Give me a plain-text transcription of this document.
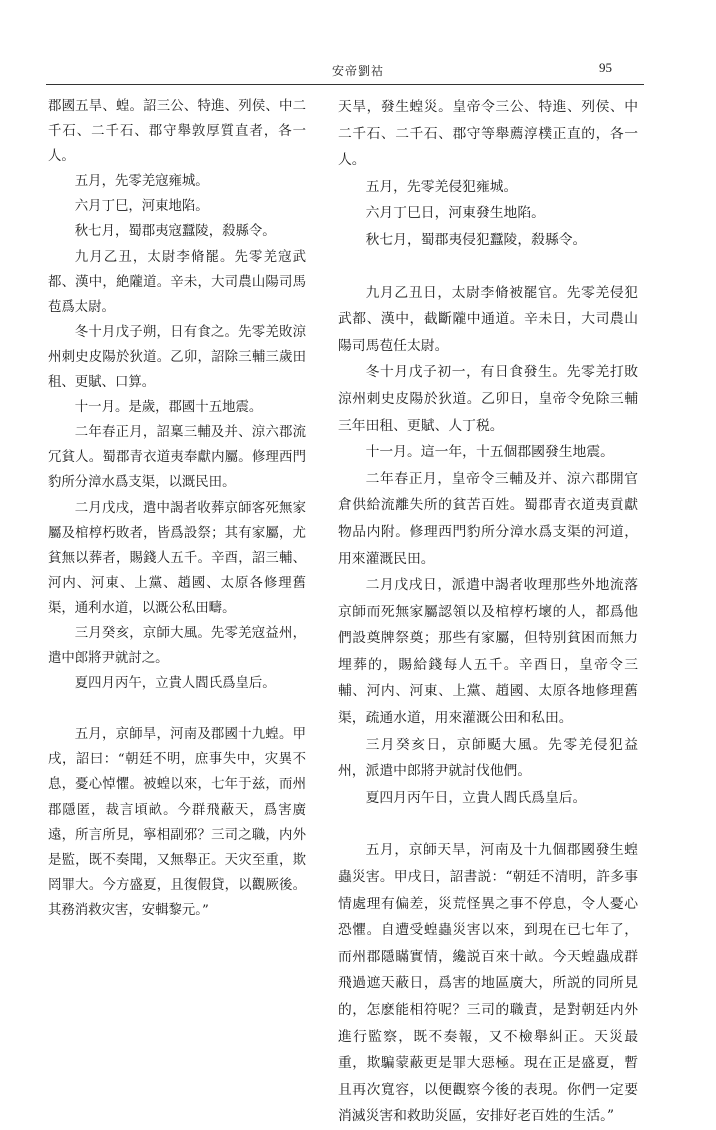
安帝劉祜	95

郡國五旱、蝗。詔三公、特進、列侯、中二千石、二千石、郡守舉敦厚質直者，各一人。

五月，先零羌寇雍城。

六月丁巳，河東地陷。

秋七月，蜀郡夷寇蠶陵，殺縣令。

九月乙丑，太尉李脩罷。先零羌寇武都、漢中，絶隴道。辛未，大司農山陽司馬苞爲太尉。

冬十月戊子朔，日有食之。先零羌敗涼州刺史皮陽於狄道。乙卯，詔除三輔三歲田租、更賦、口算。

十一月。是歲，郡國十五地震。

二年春正月，詔稟三輔及并、涼六郡流冗貧人。蜀郡青衣道夷奉獻内屬。修理西門豹所分漳水爲支渠，以溉民田。

二月戊戌，遣中謁者收葬京師客死無家屬及棺椁朽敗者，皆爲設祭；其有家屬，尤貧無以葬者，賜錢人五千。辛酉，詔三輔、河内、河東、上黨、趙國、太原各修理舊渠，通利水道，以溉公私田疇。

三月癸亥，京師大風。先零羌寇益州，遣中郎將尹就討之。

夏四月丙午，立貴人閻氏爲皇后。

五月，京師旱，河南及郡國十九蝗。甲戌，詔曰：“朝廷不明，庶事失中，灾異不息，憂心悼懼。被蝗以來，七年于兹，而州郡隱匿，裁言頃畝。今群飛蔽天，爲害廣遠，所言所見，寧相副邪？三司之職，内外是監，既不奏聞，又無舉正。天灾至重，欺罔罪大。今方盛夏，且復假貸，以觀厥後。其務消救灾害，安輯黎元。”

天旱，發生蝗災。皇帝令三公、特進、列侯、中二千石、二千石、郡守等舉薦淳樸正直的，各一人。

五月，先零羌侵犯雍城。

六月丁巳日，河東發生地陷。

秋七月，蜀郡夷侵犯蠶陵，殺縣令。

九月乙丑日，太尉李脩被罷官。先零羌侵犯武都、漢中，截斷隴中通道。辛未日，大司農山陽司馬苞任太尉。

冬十月戊子初一，有日食發生。先零羌打敗涼州刺史皮陽於狄道。乙卯日，皇帝令免除三輔三年田租、更賦、人丁税。

十一月。這一年，十五個郡國發生地震。

二年春正月，皇帝令三輔及并、涼六郡開官倉供給流離失所的貧苦百姓。蜀郡青衣道夷貢獻物品内附。修理西門豹所分漳水爲支渠的河道，用來灌溉民田。

二月戊戌日，派遣中謁者收理那些外地流落京師而死無家屬認領以及棺椁朽壞的人，都爲他們設奠牌祭奠；那些有家屬，但特别貧困而無力埋葬的，賜給錢每人五千。辛酉日，皇帝令三輔、河内、河東、上黨、趙國、太原各地修理舊渠，疏通水道，用來灌溉公田和私田。

三月癸亥日，京師颳大風。先零羌侵犯益州，派遣中郎將尹就討伐他們。

夏四月丙午日，立貴人閻氏爲皇后。

五月，京師天旱，河南及十九個郡國發生蝗蟲災害。甲戌日，詔書説：“朝廷不清明，許多事情處理有偏差，災荒怪異之事不停息，令人憂心恐懼。自遭受蝗蟲災害以來，到現在已七年了，而州郡隱瞞實情，纔説百來十畝。今天蝗蟲成群飛過遮天蔽日，爲害的地區廣大，所説的同所見的，怎麽能相符呢？三司的職責，是對朝廷内外進行監察，既不奏報，又不檢舉糾正。天災最重，欺騙蒙蔽更是罪大惡極。現在正是盛夏，暫且再次寬容，以便觀察今後的表現。你們一定要消滅災害和救助災區，安排好老百姓的生活。”
